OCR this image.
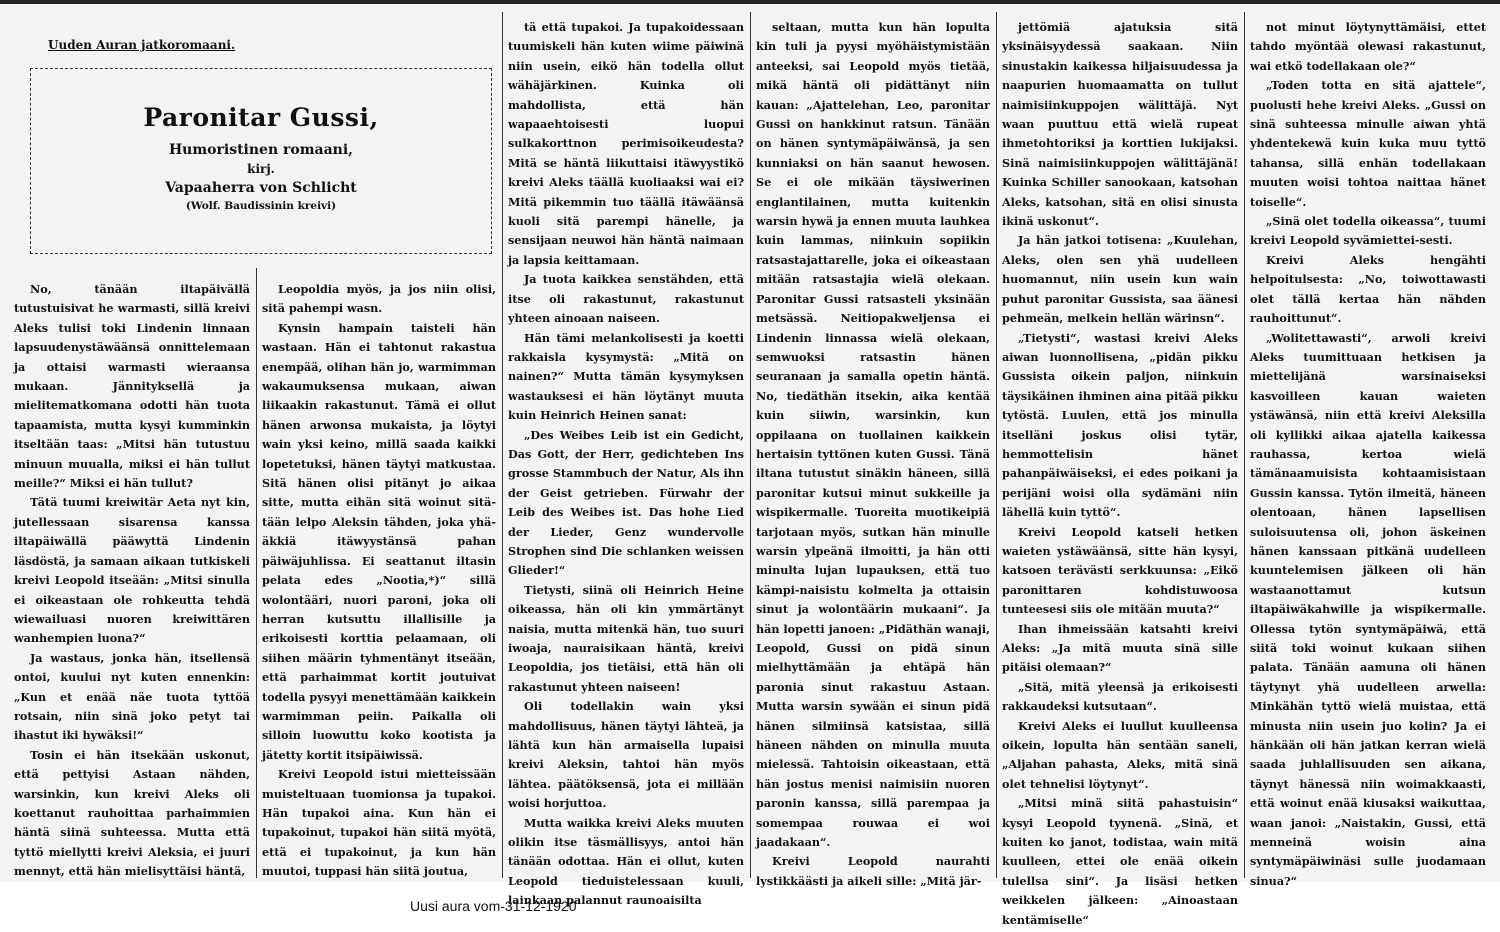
Uuden Auran jatkoromaani.
Paronitar Gussi,
Humoristinen romaani,
kirj.
Vapaaherra von Schlicht
(Wolf. Baudissinin kreivi)

No, tänään iltapäivällä tutustuisivat he warmasti, sillä kreivi Aleks tulisi toki Lindenin linnaan lapsuudenystäwäänsä onnittelemaan ja ottaisi warmasti wieraansa mukaan. Jännityksellä ja mielitematkomana odotti hän tuota tapaamista, mutta kysyi kumminkin itseltään taas: „Mitsi hän tutustuu minuun muualla, miksi ei hän tullut meille?“ Miksi ei hän tullut?

Tätä tuumi kreiwitär Aeta nyt kin, jutellessaan sisarensa kanssa iltapäiwällä pääwyttä Lindenin läsdöstä, ja samaan aikaan tutkiskeli kreivi Leopold itseään: „Mitsi sinulla ei oikeastaan ole rohkeutta tehdä wiewailuasi nuoren kreiwittären wanhempien luona?“

Ja wastaus, jonka hän, itsellensä ontoi, kuului nyt kuten ennenkin: „Kun et enää näe tuota tyttöä rotsain, niin sinä joko petyt tai ihastut iki hywäksi!“

Tosin ei hän itsekään uskonut, että pettyisi Astaan nähden, warsinkin, kun kreivi Aleks oli koettanut rauhoittaa parhaimmien häntä siinä suhteessa. Mutta että tyttö miellytti kreivi Aleksia, ei juuri mennyt, että hän mielisyttäisi häntä,

Leopoldia myös, ja jos niin olisi, sitä pahempi wasn.

Kynsin hampain taisteli hän wastaan. Hän ei tahtonut rakastua enempää, olihan hän jo, warmimman wakaumuksensa mukaan, aiwan liikaakin rakastunut. Tämä ei ollut hänen arwonsa mukaista, ja löytyi wain yksi keino, millä saada kaikki lopetetuksi, hänen täytyi matkustaa. Sitä hänen olisi pitänyt jo aikaa sitte, mutta eihän sitä woinut sitä-tään lelpo Aleksin tähden, joka yhä-äkkiä itäwyystänsä pahan päiwäjuhlissa. Ei seattanut iltasin pelata edes „Nootia,*)“ sillä wolontääri, nuori paroni, joka oli herran kutsuttu illallisille ja erikoisesti korttia pelaamaan, oli siihen määrin tyhmentänyt itseään, että parhaimmat kortit joutuivat todella pysyyi menettämään kaikkein warmimman peiin. Paikalla oli silloin luowuttu koko kootista ja jätetty kortit itsipäiwissä.

Kreivi Leopold istui mietteissään muisteltuaan tuomionsa ja tupakoi. Hän tupakoi aina. Kun hän ei tupakoinut, tupakoi hän siitä myötä, että ei tupakoinut, ja kun hän muutoi, tuppasi hän siitä joutua,

tä että tupakoi. Ja tupakoidessaan tuumiskeli hän kuten wiime päiwinä niin usein, eikö hän todella ollut wähäjärkinen. Kuinka oli mahdollista, että hän wapaaehtoisesti luopui sulkakorttnon perimisoikeudesta? Mitä se häntä liikuttaisi itäwyystikö kreivi Aleks täällä kuoliaaksi wai ei? Mitä pikemmin tuo täällä itäwäänsä kuoli sitä parempi hänelle, ja sensijaan neuwoi hän häntä naimaan ja lapsia keittamaan.

Ja tuota kaikkea senstähden, että itse oli rakastunut, rakastunut yhteen ainoaan naiseen.

Hän tämi melankolisesti ja koetti rakkaisla kysymystä: „Mitä on nainen?“ Mutta tämän kysymyksen wastauksesi ei hän löytänyt muuta kuin Heinrich Heinen sanat:

„Des Weibes Leib ist ein Gedicht, Das Gott, der Herr, gedichteben Ins grosse Stammbuch der Natur, Als ihn der Geist getrieben. Fürwahr der Leib des Weibes ist. Das hohe Lied der Lieder, Genz wundervolle Strophen sind Die schlanken weissen Glieder!“

Tietysti, siinä oli Heinrich Heine oikeassa, hän oli kin ymmärtänyt naisia, mutta mitenkä hän, tuo suuri iwoaja, nauraisikaan häntä, kreivi Leopoldia, jos tietäisi, että hän oli rakastunut yhteen naiseen!

Oli todellakin wain yksi mahdollisuus, hänen täytyi lähteä, ja lähtä kun hän armaisella lupaisi kreivi Aleksin, tahtoi hän myös lähtea. päätöksensä, jota ei millään woisi horjuttoa.

Mutta waikka kreivi Aleks muuten olikin itse täsmällisyys, antoi hän tänään odottaa. Hän ei ollut, kuten Leopold tieduistelessaan kuuli, lainkaan palannut raunoaisilta

seltaan, mutta kun hän lopulta kin tuli ja pyysi myöhäistymistään anteeksi, sai Leopold myös tietää, mikä häntä oli pidättänyt niin kauan: „Ajattelehan, Leo, paronitar Gussi on hankkinut ratsun. Tänään on hänen syntymäpäiwänsä, ja sen kunniaksi on hän saanut hewosen. Se ei ole mikään täysiwerinen englantilainen, mutta kuitenkin warsin hywä ja ennen muuta lauhkea kuin lammas, niinkuin sopiikin ratsastajattarelle, joka ei oikeastaan mitään ratsastajia wielä olekaan. Paronitar Gussi ratsasteli yksinään metsässä. Neitiopakweljensa ei Lindenin linnassa wielä olekaan, semwuoksi ratsastin hänen seuranaan ja samalla opetin häntä. No, tiedäthän itsekin, aika kentää kuin siiwin, warsinkin, kun oppilaana on tuollainen kaikkein hertaisin tyttönen kuten Gussi. Tänä iltana tutustut sinäkin häneen, sillä paronitar kutsui minut sukkeille ja wispikermalle. Tuoreita muotikeipiä tarjotaan myös, sutkan hän minulle warsin ylpeänä ilmoitti, ja hän otti minulta lujan lupauksen, että tuo kämpi-naisistu kolmelta ja ottaisin sinut ja wolontäärin mukaani“. Ja hän lopetti janoen: „Pidäthän wanaji, Leopold, Gussi on pidä sinun mielhyttämään ja ehtäpä hän paronia sinut rakastuu Astaan. Mutta warsin sywään ei sinun pidä hänen silmiinsä katsistaa, sillä häneen nähden on minulla muuta mielessä. Tahtoisin oikeastaan, että hän jostus menisi naimisiin nuoren paronin kanssa, sillä parempaa ja somempaa rouwaa ei woi jaadakaan“.

Kreivi Leopold naurahti lystikkäästi ja aikeli sille: „Mitä jär-

jettömiä ajatuksia sitä yksinäisyydessä saakaan. Niin sinustakin kaikessa hiljaisuudessa ja naapurien huomaamatta on tullut naimisiinkuppojen wälittäjä. Nyt waan puuttuu että wielä rupeat ihmetohtoriksi ja korttien lukijaksi. Sinä naimisiinkuppojen wälittäjänä! Kuinka Schiller sanookaan, katsohan Aleks, katsohan, sitä en olisi sinusta ikinä uskonut“.

Ja hän jatkoi totisena: „Kuulehan, Aleks, olen sen yhä uudelleen huomannut, niin usein kun wain puhut paronitar Gussista, saa äänesi pehmeän, melkein hellän wärinsn“.

„Tietysti“, wastasi kreivi Aleks aiwan luonnollisena, „pidän pikku Gussista oikein paljon, niinkuin täysikäinen ihminen aina pitää pikku tytöstä. Luulen, että jos minulla itselläni joskus olisi tytär, hemmottelisin hänet pahanpäiwäiseksi, ei edes poikani ja perijäni woisi olla sydämäni niin lähellä kuin tyttö“.

Kreivi Leopold katseli hetken waieten ystäwäänsä, sitte hän kysyi, katsoen terävästi serkkuunsa: „Eikö paronittaren kohdistuwoosa tunteesesi siis ole mitään muuta?“

Ihan ihmeissään katsahti kreivi Aleks: „Ja mitä muuta sinä sille pitäisi olemaan?“

„Sitä, mitä yleensä ja erikoisesti rakkaudeksi kutsutaan“.

Kreivi Aleks ei luullut kuulleensa oikein, lopulta hän sentään saneli, „Aljahan pahasta, Aleks, mitä sinä olet tehnelisi löytynyt“.

„Mitsi minä siitä pahastuisin“ kysyi Leopold tyynenä. „Sinä, et kuiten ko janot, todistaa, wain mitä kuulleen, ettei ole enää oikein tulellsa sini“. Ja lisäsi hetken weikkelen jälkeen: „Ainoastaan kentämiselle“

not minut löytynyttämäisi, ettet tahdo myöntää olewasi rakastunut, wai etkö todellakaan ole?“

„Toden totta en sitä ajattele“, puolusti hehe kreivi Aleks. „Gussi on sinä suhteessa minulle aiwan yhtä yhdentekewä kuin kuka muu tyttö tahansa, sillä enhän todellakaan muuten woisi tohtoa naittaa hänet toiselle“.

„Sinä olet todella oikeassa“, tuumi kreivi Leopold syvämiettei-sesti.

Kreivi Aleks hengähti helpoitulsesta: „No, toiwottawasti olet tällä kertaa hän nähden rauhoittunut“.

„Wolitettawasti“, arwoli kreivi Aleks tuumittuaan hetkisen ja miettelijänä warsinaiseksi kasvoilleen kauan waieten ystäwänsä, niin että kreivi Aleksilla oli kyllikki aikaa ajatella kaikessa rauhassa, kertoa wielä tämänaamuisista kohtaamisistaan Gussin kanssa. Tytön ilmeitä, häneen olentoaan, hänen lapsellisen suloisuutensa oli, johon äskeinen hänen kanssaan pitkänä uudelleen kuuntelemisen jälkeen oli hän wastaanottamut kutsun iltapäiwäkahwille ja wispikermalle. Ollessa tytön syntymäpäiwä, että siitä toki woinut kukaan siihen palata. Tänään aamuna oli hänen täytynyt yhä uudelleen arwella: Minkähän tyttö wielä muistaa, että minusta niin usein juo kolin? Ja ei hänkään oli hän jatkan kerran wielä saada juhlallisuuden sen aikana, täynyt hänessä niin woimakkaasti, että woinut enää kiusaksi waikuttaa, waan janoi: „Naistakin, Gussi, että menneinä woisin aina syntymäpäiwinäsi sulle juodamaan sinua?“

Uusi aura vom-31-12-1920
